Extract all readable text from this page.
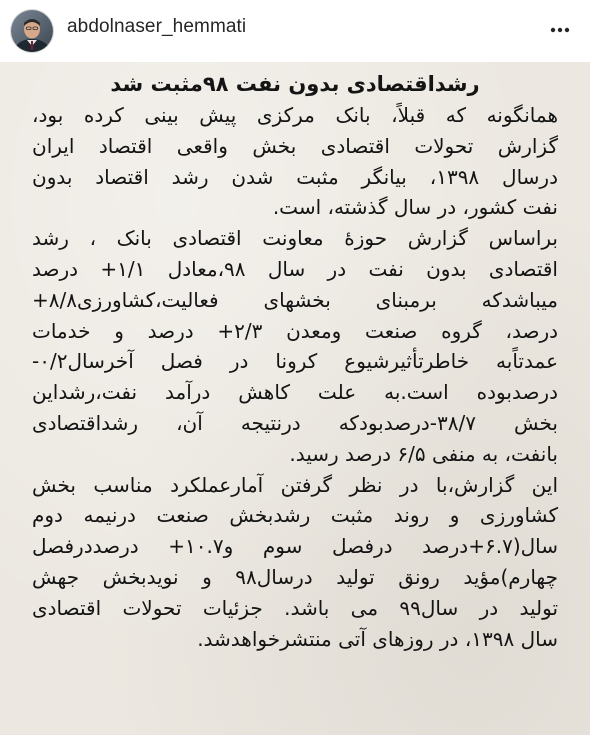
abdolnaser_hemmati
رشداقتصادی بدون نفت ۹۸مثبت شد
همانگونه که قبلاً، بانک مرکزی پیش بینی کرده بود،
گزارش تحولات اقتصادی بخش واقعی اقتصاد ایران
درسال ۱۳۹۸، بیانگر مثبت شدن رشد اقتصاد بدون
نفت کشور، در سال گذشته، است.
براساس گزارش حوزهٔ معاونت اقتصادی بانک ، رشد
اقتصادی بدون نفت در سال ۹۸،معادل ۱/۱+ درصد
میباشدکه برمبنای بخشهای فعالیت،کشاورزی۸/۸+
درصد، گروه صنعت ومعدن ۲/۳+ درصد و خدمات
عمدتاًبه خاطرتأثیرشیوع کرونا در فصل آخرسال۰/۲-
درصدبوده است.به علت کاهش درآمد نفت،رشداین
بخش ۳۸/۷-درصدبودکه درنتیجه آن، رشداقتصادی
بانفت، به منفی ۶/۵ درصد رسید.
این گزارش،با در نظر گرفتن آمارعملکرد مناسب بخش
کشاورزی و روند مثبت رشدبخش صنعت درنیمه دوم
سال(۶.۷+درصد درفصل سوم و۱۰.۷+ درصددرفصل
چهارم)مؤید رونق تولید درسال۹۸ و نویدبخش جهش
تولید در سال۹۹ می باشد. جزئیات تحولات اقتصادی
سال ۱۳۹۸، در روزهای آتی منتشرخواهدشد.
